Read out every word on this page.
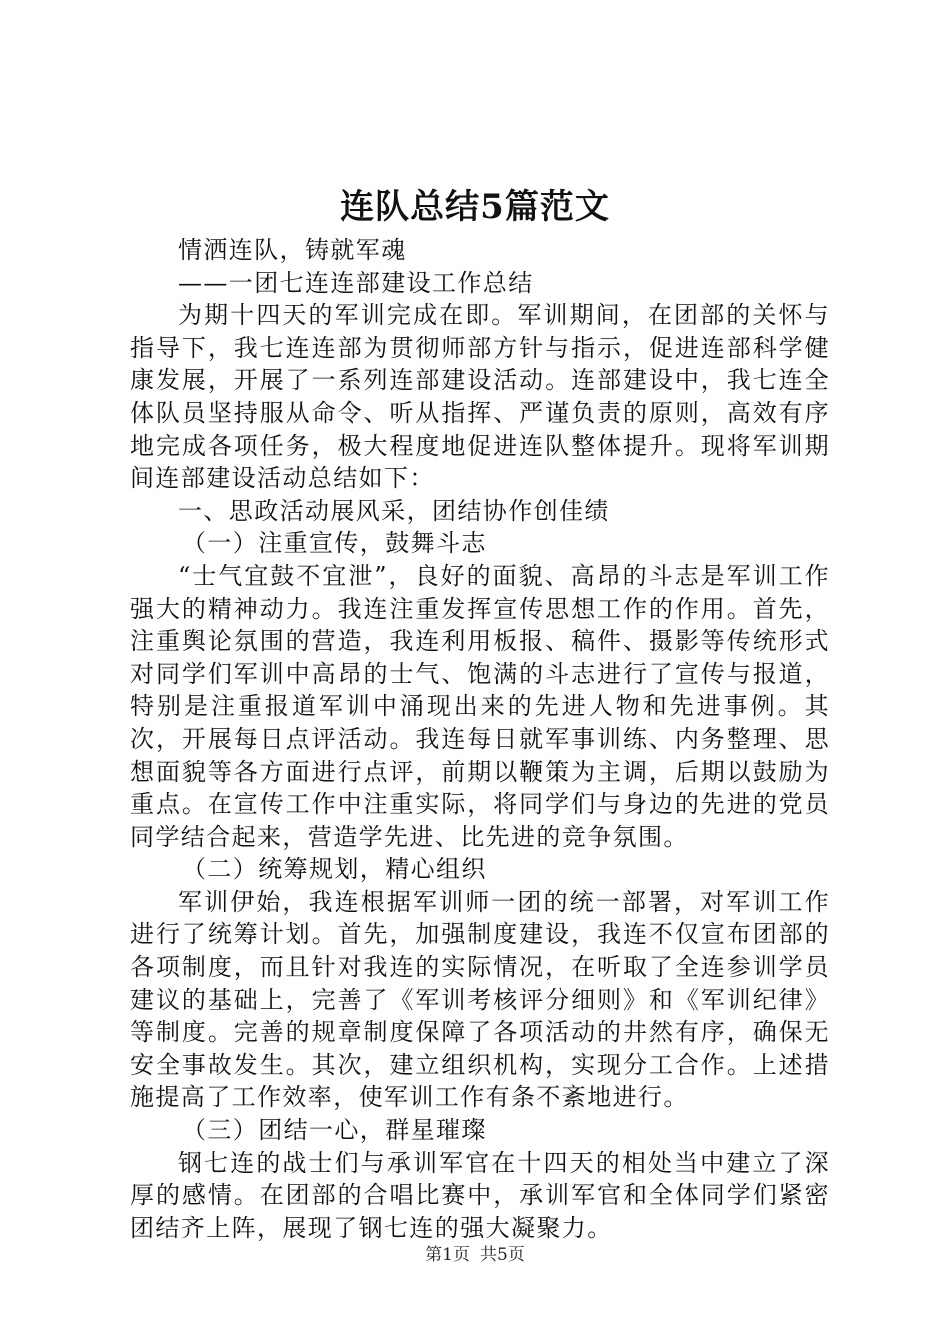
连队总结5篇范文

情洒连队，铸就军魂

——一团七连连部建设工作总结

为期十四天的军训完成在即。军训期间，在团部的关怀与指导下，我七连连部为贯彻师部方针与指示，促进连部科学健康发展，开展了一系列连部建设活动。连部建设中，我七连全体队员坚持服从命令、听从指挥、严谨负责的原则，高效有序地完成各项任务，极大程度地促进连队整体提升。现将军训期间连部建设活动总结如下：

一、思政活动展风采，团结协作创佳绩

（一）注重宣传，鼓舞斗志

“士气宜鼓不宜泄”，良好的面貌、高昂的斗志是军训工作强大的精神动力。我连注重发挥宣传思想工作的作用。首先，注重舆论氛围的营造，我连利用板报、稿件、摄影等传统形式对同学们军训中高昂的士气、饱满的斗志进行了宣传与报道，特别是注重报道军训中涌现出来的先进人物和先进事例。其次，开展每日点评活动。我连每日就军事训练、内务整理、思想面貌等各方面进行点评，前期以鞭策为主调，后期以鼓励为重点。在宣传工作中注重实际，将同学们与身边的先进的党员同学结合起来，营造学先进、比先进的竞争氛围。

（二）统筹规划，精心组织

军训伊始，我连根据军训师一团的统一部署，对军训工作进行了统筹计划。首先，加强制度建设，我连不仅宣布团部的各项制度，而且针对我连的实际情况，在听取了全连参训学员建议的基础上，完善了《军训考核评分细则》和《军训纪律》等制度。完善的规章制度保障了各项活动的井然有序，确保无安全事故发生。其次，建立组织机构，实现分工合作。上述措施提高了工作效率，使军训工作有条不紊地进行。

（三）团结一心，群星璀璨

钢七连的战士们与承训军官在十四天的相处当中建立了深厚的感情。在团部的合唱比赛中，承训军官和全体同学们紧密团结齐上阵，展现了钢七连的强大凝聚力。

第1页 共5页
